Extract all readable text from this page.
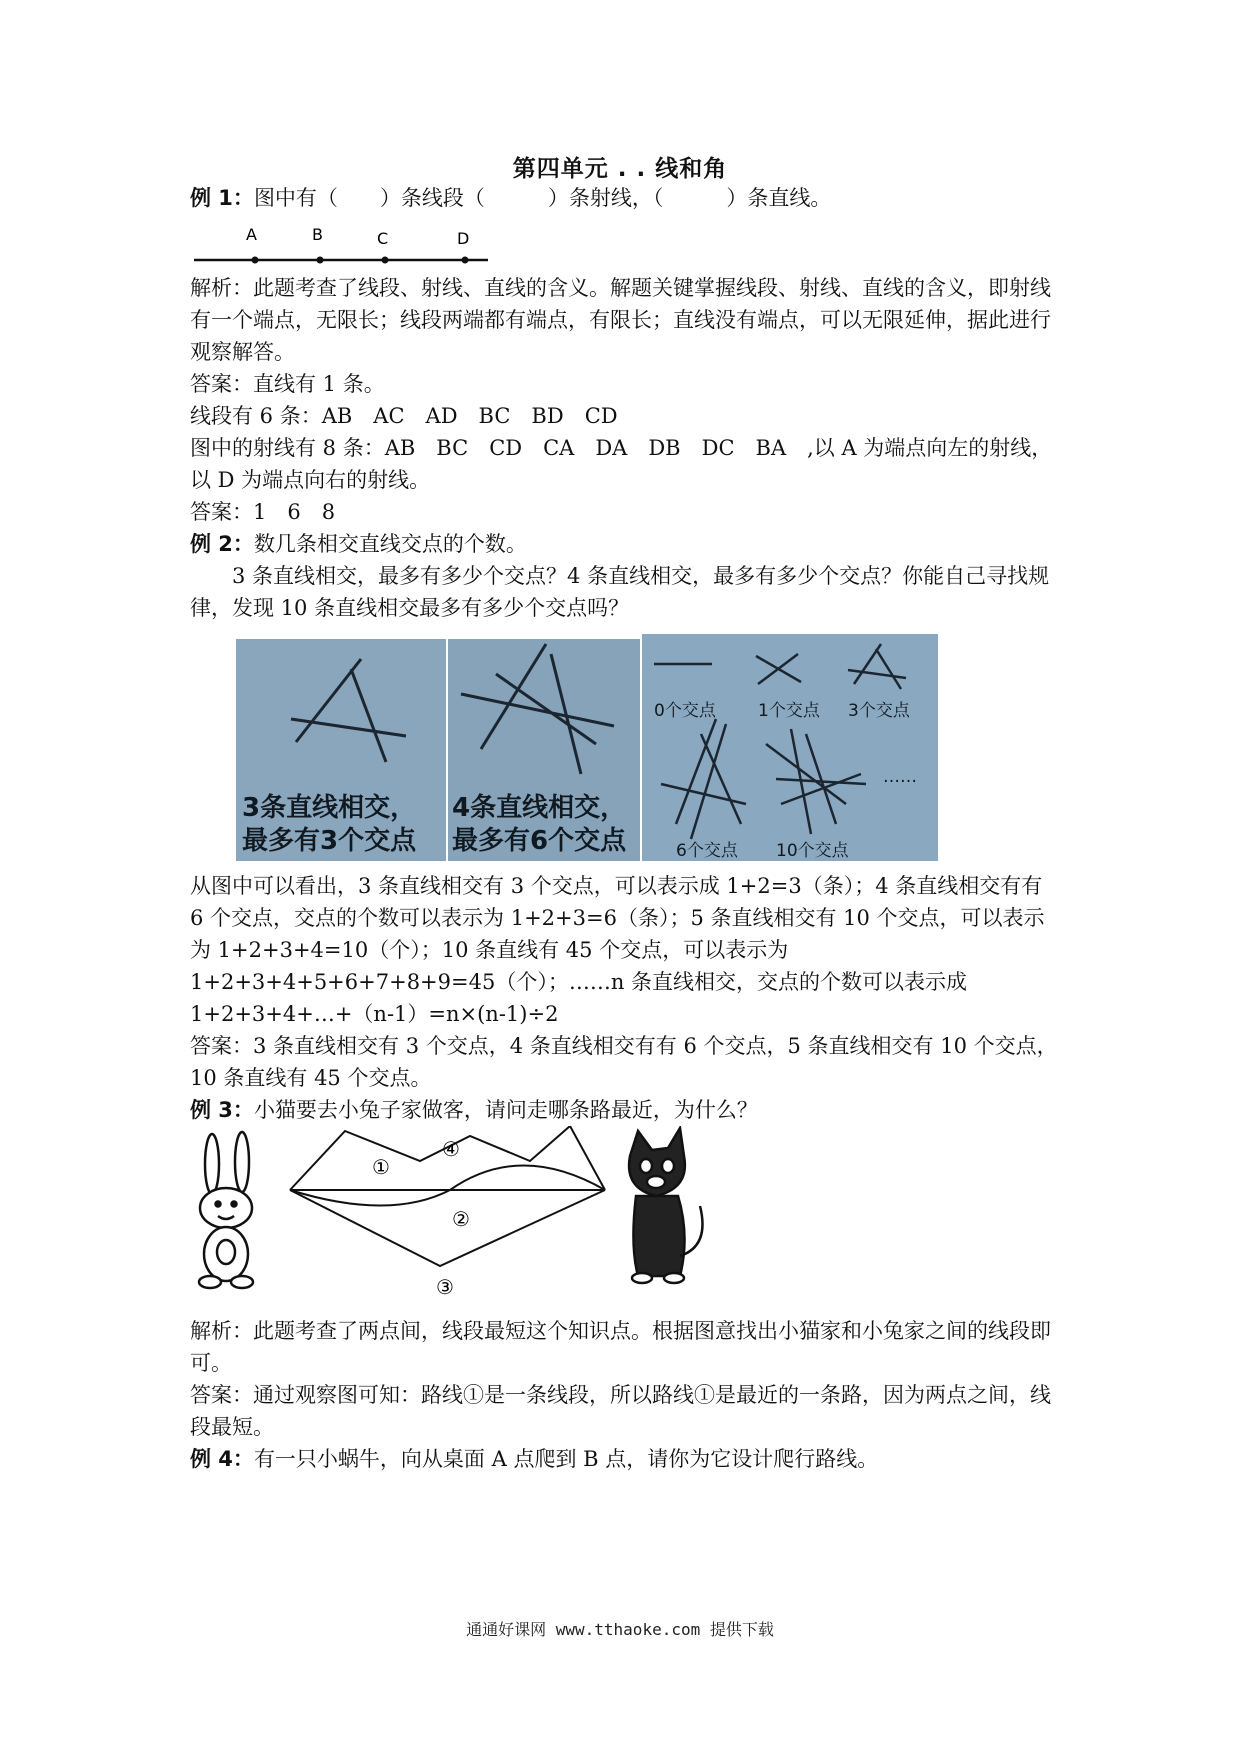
第四单元 . . 线和角

例 1：图中有（　　）条线段（　　　）条射线，（　　　）条直线。

A	B	C	D

解析：此题考查了线段、射线、直线的含义。解题关键掌握线段、射线、直线的含义，即射线有一个端点，无限长；线段两端都有端点，有限长；直线没有端点，可以无限延伸，据此进行观察解答。

答案：直线有 1 条。

线段有 6 条：AB　AC　AD　BC　BD　CD

图中的射线有 8 条：AB　BC　CD　CA　DA　DB　DC　BA　,以 A 为端点向左的射线，以 D 为端点向右的射线。

答案：1　6　8

例 2：数几条相交直线交点的个数。

3 条直线相交，最多有多少个交点？4 条直线相交，最多有多少个交点？你能自己寻找规律，发现 10 条直线相交最多有多少个交点吗？

3条直线相交，
最多有3个交点
4条直线相交，
最多有6个交点
0个交点 1个交点 3个交点
……
6个交点 10个交点

从图中可以看出，3 条直线相交有 3 个交点，可以表示成 1+2=3（条）；4 条直线相交有有 6 个交点，交点的个数可以表示为 1+2+3=6（条）；5 条直线相交有 10 个交点，可以表示为 1+2+3+4=10（个）；10 条直线有 45 个交点，可以表示为 1+2+3+4+5+6+7+8+9=45（个）；……n 条直线相交，交点的个数可以表示成 1+2+3+4+…+（n-1）=n×(n-1)÷2

答案：3 条直线相交有 3 个交点，4 条直线相交有有 6 个交点，5 条直线相交有 10 个交点，10 条直线有 45 个交点。

例 3：小猫要去小兔子家做客，请问走哪条路最近，为什么？

①
②
③
④

解析：此题考查了两点间，线段最短这个知识点。根据图意找出小猫家和小兔家之间的线段即可。

答案：通过观察图可知：路线①是一条线段，所以路线①是最近的一条路，因为两点之间，线段最短。

例 4：有一只小蜗牛，向从桌面 A 点爬到 B 点，请你为它设计爬行路线。

通通好课网 www.tthaoke.com 提供下载
